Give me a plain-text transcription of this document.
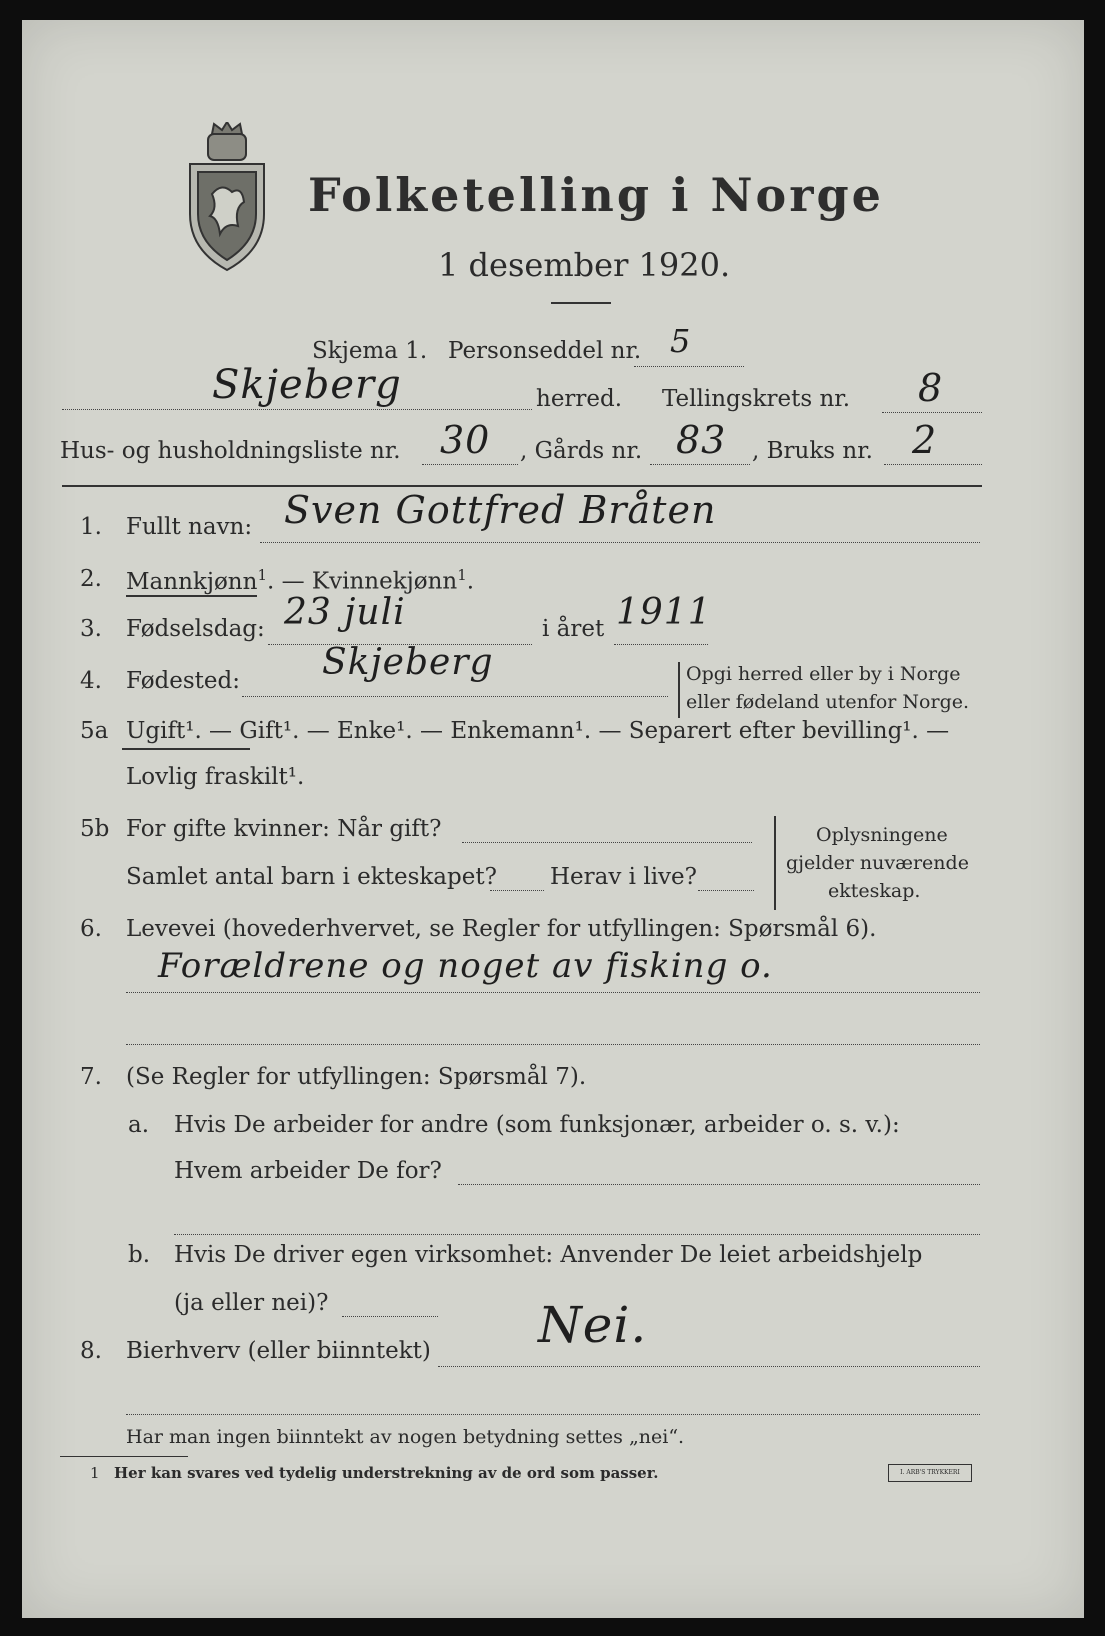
Folketelling i Norge
1 desember 1920.
Skjema 1. Personseddel nr. 5
Skjeberg	herred. Tellingskrets nr. 8
Hus- og husholdningsliste nr. 30 , Gårds nr. 83 , Bruks nr. 2
1. Fullt navn: Sven Gottfred Bråten
2. Mannkjønn$^1$. — Kvinnekjønn$^1$.
3. Fødselsdag: 23 juli	i året 1911
4. Fødested: Skjeberg	Opgi herred eller by i Norge
eller fødeland utenfor Norge.
5a Ugift¹. — Gift¹. — Enke¹. — Enkemann¹. — Separert efter bevilling¹. —
Lovlig fraskilt¹.
5b For gifte kvinner: Når gift?
Samlet antal barn i ekteskapet? Herav i live?
Oplysningene
gjelder nuværende
ekteskap.
6. Levevei (hovederhvervet, se Regler for utfyllingen: Spørsmål 6).
Forældrene og noget av fisking o.
7. (Se Regler for utfyllingen: Spørsmål 7).
a. Hvis De arbeider for andre (som funksjonær, arbeider o. s. v.):
Hvem arbeider De for?
b. Hvis De driver egen virksomhet: Anvender De leiet arbeidshjelp
(ja eller nei)?
8. Bierhverv (eller biinntekt) Nei.
Har man ingen biinntekt av nogen betydning settes „nei“.
1 Her kan svares ved tydelig understrekning av de ord som passer.	I. ARB'S TRYKKERI
